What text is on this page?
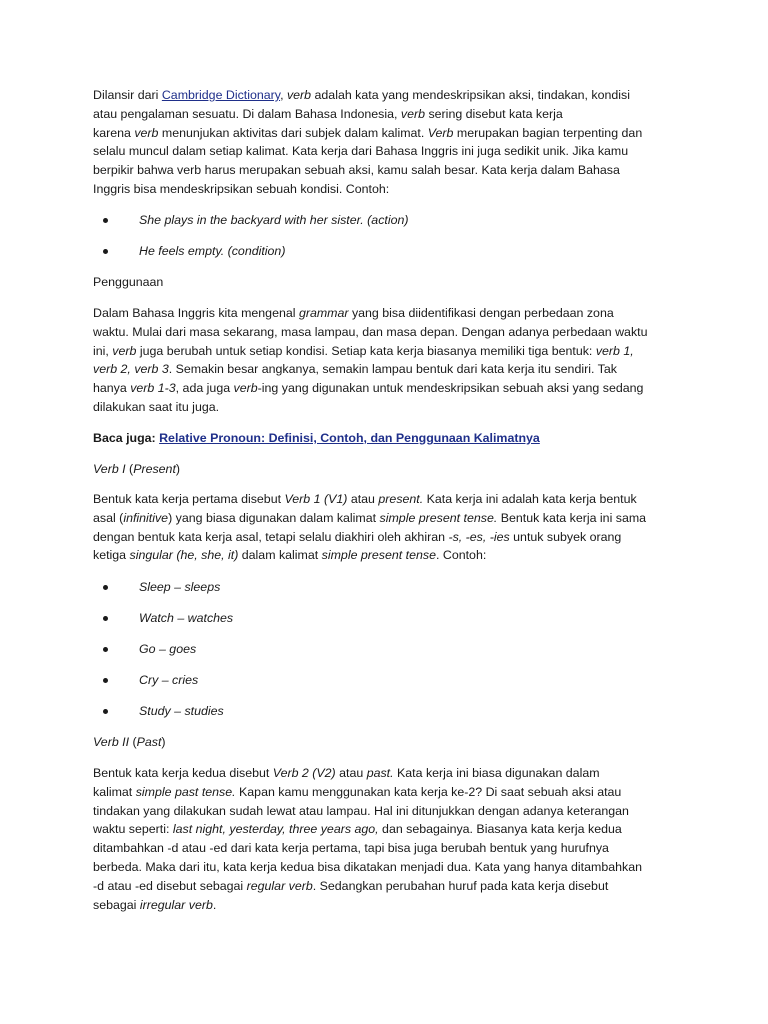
Dilansir dari Cambridge Dictionary, verb adalah kata yang mendeskripsikan aksi, tindakan, kondisi
atau pengalaman sesuatu. Di dalam Bahasa Indonesia, verb sering disebut kata kerja
karena verb menunjukan aktivitas dari subjek dalam kalimat. Verb merupakan bagian terpenting dan
selalu muncul dalam setiap kalimat. Kata kerja dari Bahasa Inggris ini juga sedikit unik. Jika kamu
berpikir bahwa verb harus merupakan sebuah aksi, kamu salah besar. Kata kerja dalam Bahasa
Inggris bisa mendeskripsikan sebuah kondisi. Contoh:

She plays in the backyard with her sister. (action)
He feels empty. (condition)
Penggunaan

Dalam Bahasa Inggris kita mengenal grammar yang bisa diidentifikasi dengan perbedaan zona
waktu. Mulai dari masa sekarang, masa lampau, dan masa depan. Dengan adanya perbedaan waktu
ini, verb juga berubah untuk setiap kondisi. Setiap kata kerja biasanya memiliki tiga bentuk: verb 1,
verb 2, verb 3. Semakin besar angkanya, semakin lampau bentuk dari kata kerja itu sendiri. Tak
hanya verb 1-3, ada juga verb-ing yang digunakan untuk mendeskripsikan sebuah aksi yang sedang
dilakukan saat itu juga.

Baca juga: Relative Pronoun: Definisi, Contoh, dan Penggunaan Kalimatnya
Verb I (Present)

Bentuk kata kerja pertama disebut Verb 1 (V1) atau present. Kata kerja ini adalah kata kerja bentuk
asal (infinitive) yang biasa digunakan dalam kalimat simple present tense. Bentuk kata kerja ini sama
dengan bentuk kata kerja asal, tetapi selalu diakhiri oleh akhiran -s, -es, -ies untuk subyek orang
ketiga singular (he, she, it) dalam kalimat simple present tense. Contoh:

Sleep – sleeps
Watch – watches
Go – goes
Cry – cries
Study – studies
Verb II (Past)

Bentuk kata kerja kedua disebut Verb 2 (V2) atau past. Kata kerja ini biasa digunakan dalam
kalimat simple past tense. Kapan kamu menggunakan kata kerja ke-2? Di saat sebuah aksi atau
tindakan yang dilakukan sudah lewat atau lampau. Hal ini ditunjukkan dengan adanya keterangan
waktu seperti: last night, yesterday, three years ago, dan sebagainya. Biasanya kata kerja kedua
ditambahkan -d atau -ed dari kata kerja pertama, tapi bisa juga berubah bentuk yang hurufnya
berbeda. Maka dari itu, kata kerja kedua bisa dikatakan menjadi dua. Kata yang hanya ditambahkan
-d atau -ed disebut sebagai regular verb. Sedangkan perubahan huruf pada kata kerja disebut
sebagai irregular verb.
